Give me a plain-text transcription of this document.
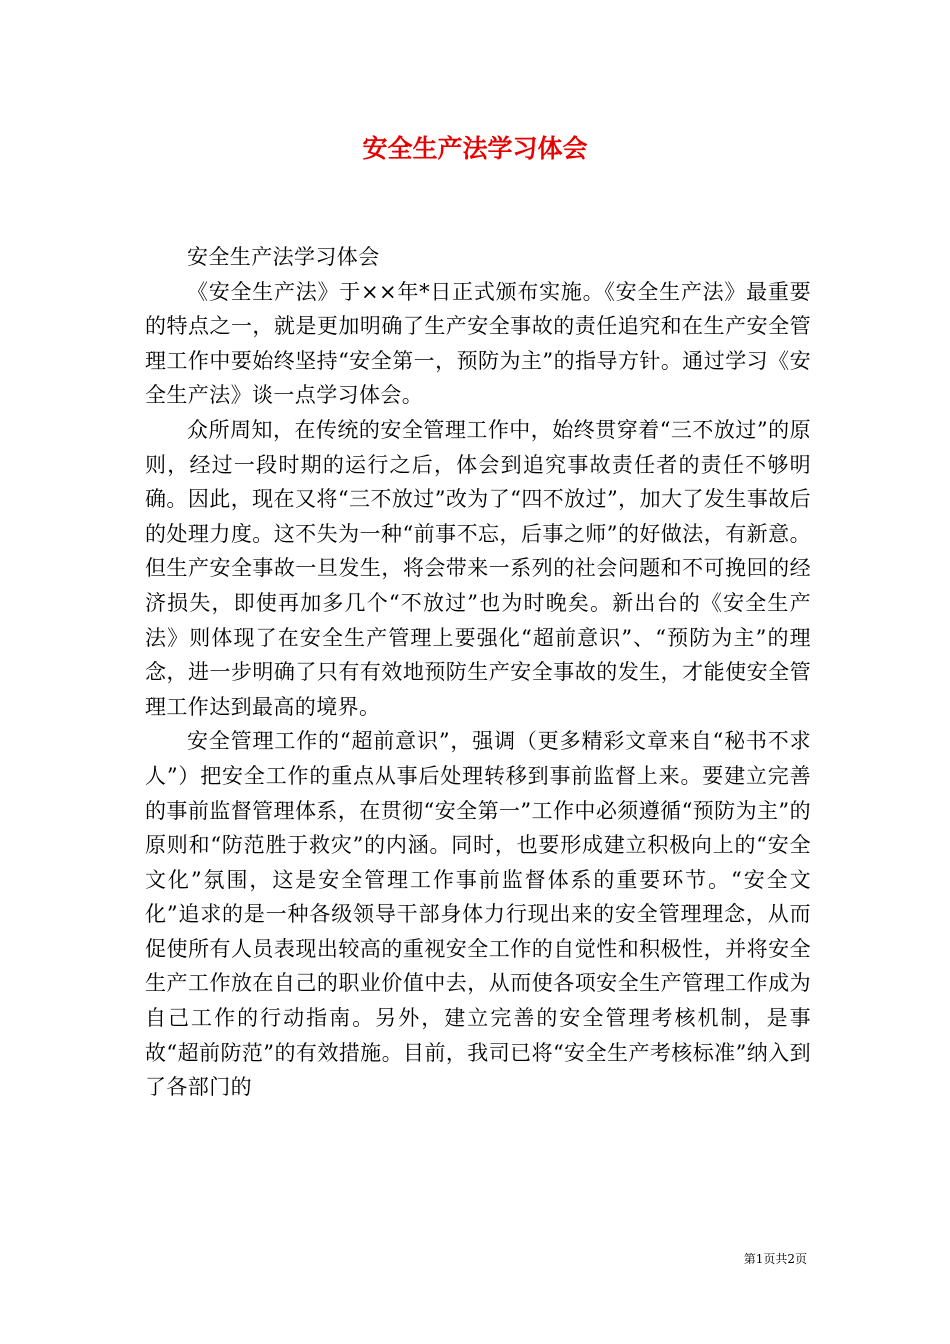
安全生产法学习体会

安全生产法学习体会

《安全生产法》于××年*日正式颁布实施。《安全生产法》最重要的特点之一，就是更加明确了生产安全事故的责任追究和在生产安全管理工作中要始终坚持“安全第一，预防为主”的指导方针。通过学习《安全生产法》谈一点学习体会。

众所周知，在传统的安全管理工作中，始终贯穿着“三不放过”的原则，经过一段时期的运行之后，体会到追究事故责任者的责任不够明确。因此，现在又将“三不放过”改为了“四不放过”，加大了发生事故后的处理力度。这不失为一种“前事不忘，后事之师”的好做法，有新意。但生产安全事故一旦发生，将会带来一系列的社会问题和不可挽回的经济损失，即使再加多几个“不放过”也为时晚矣。新出台的《安全生产法》则体现了在安全生产管理上要强化“超前意识”、“预防为主”的理念，进一步明确了只有有效地预防生产安全事故的发生，才能使安全管理工作达到最高的境界。

安全管理工作的“超前意识”，强调（更多精彩文章来自“秘书不求人”）把安全工作的重点从事后处理转移到事前监督上来。要建立完善的事前监督管理体系，在贯彻“安全第一”工作中必须遵循“预防为主”的原则和“防范胜于救灾”的内涵。同时，也要形成建立积极向上的“安全文化”氛围，这是安全管理工作事前监督体系的重要环节。“安全文化”追求的是一种各级领导干部身体力行现出来的安全管理理念，从而促使所有人员表现出较高的重视安全工作的自觉性和积极性，并将安全生产工作放在自己的职业价值中去，从而使各项安全生产管理工作成为自己工作的行动指南。另外，建立完善的安全管理考核机制，是事故“超前防范”的有效措施。目前，我司已将“安全生产考核标准”纳入到了各部门的

第1页共2页
